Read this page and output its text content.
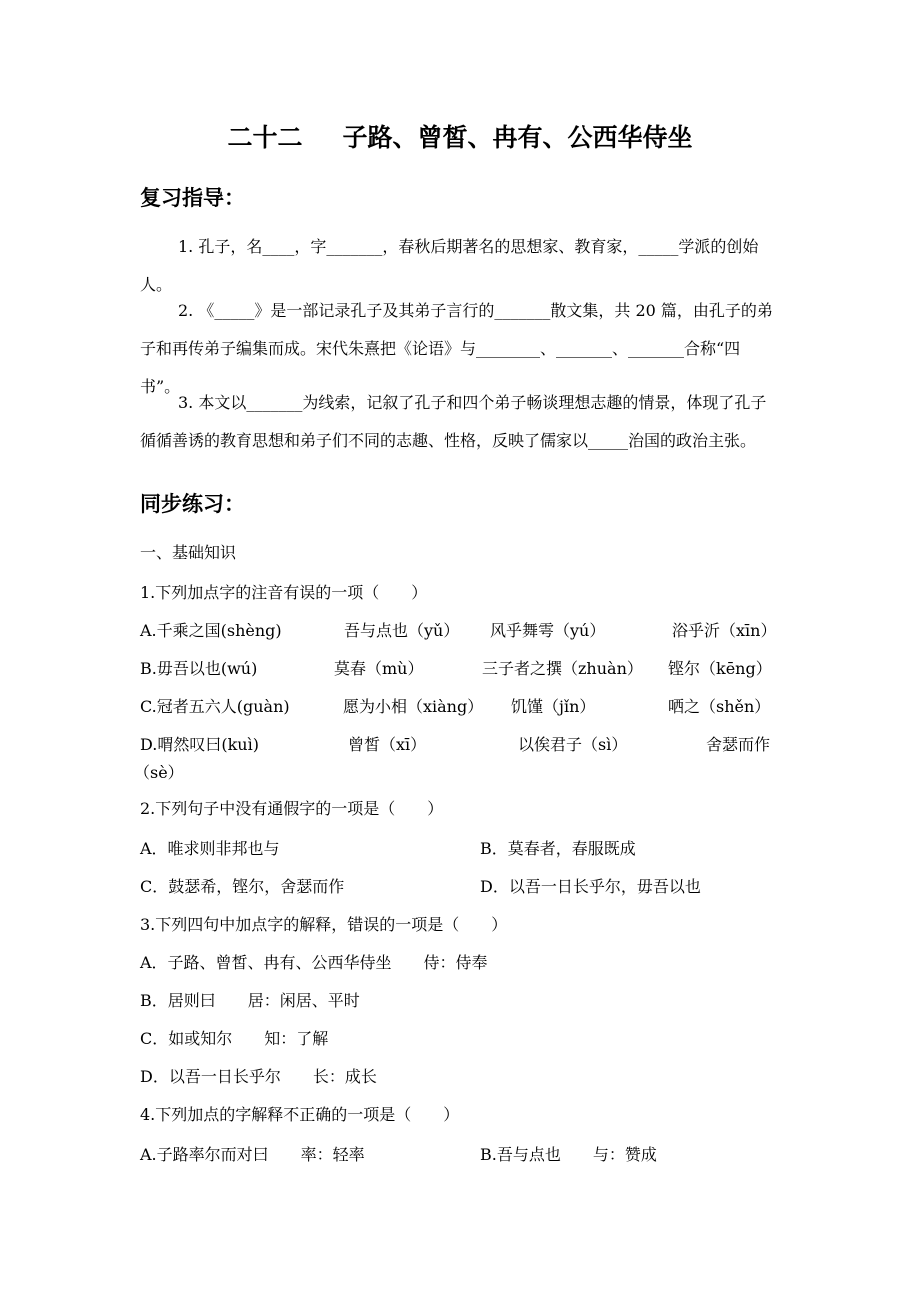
二十二 子路、曾皙、冉有、公西华侍坐
复习指导：
1. 孔子，名____，字_______，春秋后期著名的思想家、教育家，_____学派的创始人。
2. 《_____》是一部记录孔子及其弟子言行的_______散文集，共 20 篇，由孔子的弟子和再传弟子编集而成。宋代朱熹把《论语》与________、_______、_______合称“四书”。
3. 本文以_______为线索，记叙了孔子和四个弟子畅谈理想志趣的情景，体现了孔子循循善诱的教育思想和弟子们不同的志趣、性格，反映了儒家以_____治国的政治主张。
同步练习：
一、基础知识
1.下列加点字的注音有误的一项（　　）
A.千乘之国(shèng)	吾与点也（yǔ） 风乎舞雩（yú）	浴乎沂（xīn）
B.毋吾以也(wú)	莫春（mù）	三子者之撰（zhuàn） 铿尔（kēng）
C.冠者五六人(guàn)	愿为小相（xiàng） 饥馑（jǐn）	哂之（shěn）
D.喟然叹曰(kuì)	曾皙（xī）	以俟君子（sì）	舍瑟而作
（sè）
2.下列句子中没有通假字的一项是（　　）
A．唯求则非邦也与	B．莫春者，春服既成
C．鼓瑟希，铿尔，舍瑟而作	D．以吾一日长乎尔，毋吾以也
3.下列四句中加点字的解释，错误的一项是（　　）
A．子路、曾皙、冉有、公西华侍坐　　侍：侍奉
B．居则曰　　居：闲居、平时
C．如或知尔　　知：了解
D．以吾一日长乎尔　　长：成长
4.下列加点的字解释不正确的一项是（　　）
A.子路率尔而对曰　　率：轻率	B.吾与点也　　与：赞成
